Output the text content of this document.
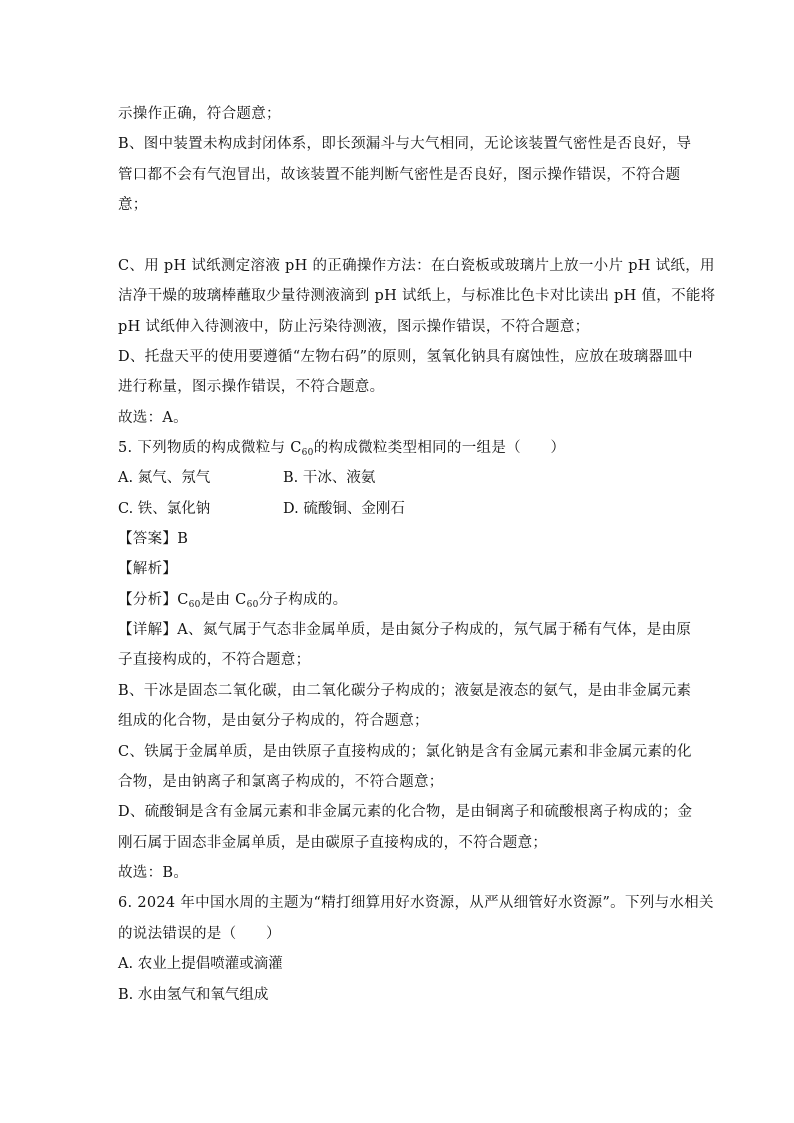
示操作正确，符合题意；
B、图中装置未构成封闭体系，即长颈漏斗与大气相同，无论该装置气密性是否良好，导
管口都不会有气泡冒出，故该装置不能判断气密性是否良好，图示操作错误，不符合题
意；
C、用 pH 试纸测定溶液 pH 的正确操作方法：在白瓷板或玻璃片上放一小片 pH 试纸，用
洁净干燥的玻璃棒蘸取少量待测液滴到 pH 试纸上，与标准比色卡对比读出 pH 值，不能将
pH 试纸伸入待测液中，防止污染待测液，图示操作错误，不符合题意；
D、托盘天平的使用要遵循“左物右码”的原则，氢氧化钠具有腐蚀性，应放在玻璃器皿中
进行称量，图示操作错误，不符合题意。
故选：A。
5. 下列物质的构成微粒与 $C_{60}$的构成微粒类型相同的一组是（　　）
A. 氮气、氖气	B. 干冰、液氨
C. 铁、氯化钠	D. 硫酸铜、金刚石
【答案】B
【解析】
【分析】$C_{60}$是由 $C_{60}$分子构成的。
【详解】A、氮气属于气态非金属单质，是由氮分子构成的，氖气属于稀有气体，是由原
子直接构成的，不符合题意；
B、干冰是固态二氧化碳，由二氧化碳分子构成的；液氨是液态的氨气，是由非金属元素
组成的化合物，是由氨分子构成的，符合题意；
C、铁属于金属单质，是由铁原子直接构成的；氯化钠是含有金属元素和非金属元素的化
合物，是由钠离子和氯离子构成的，不符合题意；
D、硫酸铜是含有金属元素和非金属元素的化合物，是由铜离子和硫酸根离子构成的；金
刚石属于固态非金属单质，是由碳原子直接构成的，不符合题意；
故选：B。
6. 2024 年中国水周的主题为“精打细算用好水资源，从严从细管好水资源”。下列与水相关
的说法错误的是（　　）
A. 农业上提倡喷灌或滴灌
B. 水由氢气和氧气组成
